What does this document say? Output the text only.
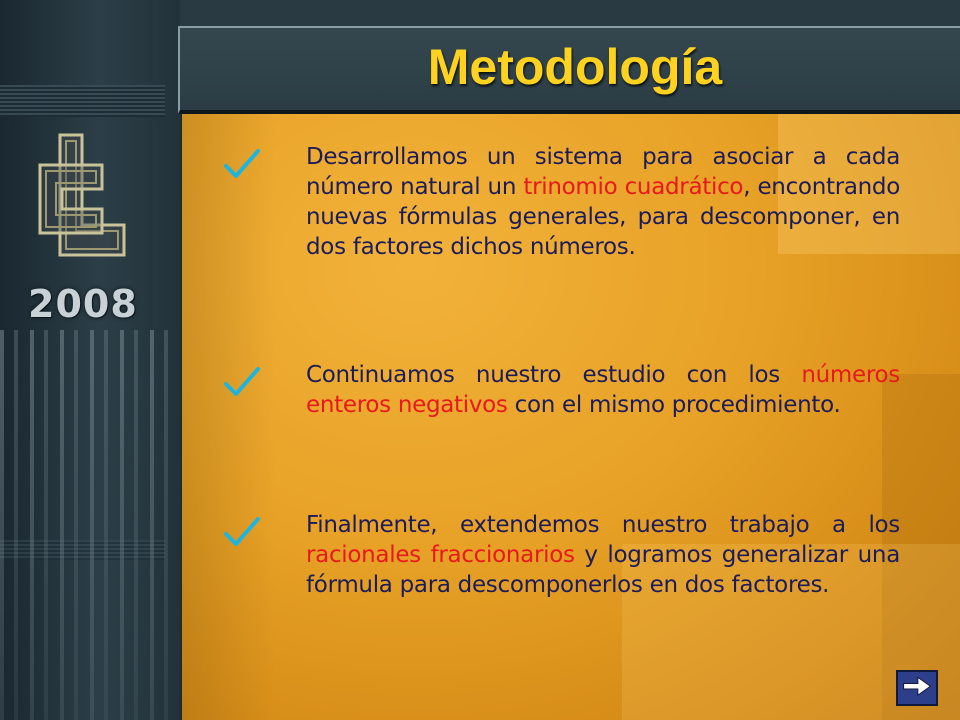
2008
Metodología
Desarrollamos un sistema para asociar a cada número natural un trinomio cuadrático, encontrando nuevas fórmulas generales, para descomponer, en dos factores dichos números.
Continuamos nuestro estudio con los números enteros negativos con el mismo procedimiento.
Finalmente, extendemos nuestro trabajo a los racionales fraccionarios y logramos generalizar una fórmula para descomponerlos en dos factores.
